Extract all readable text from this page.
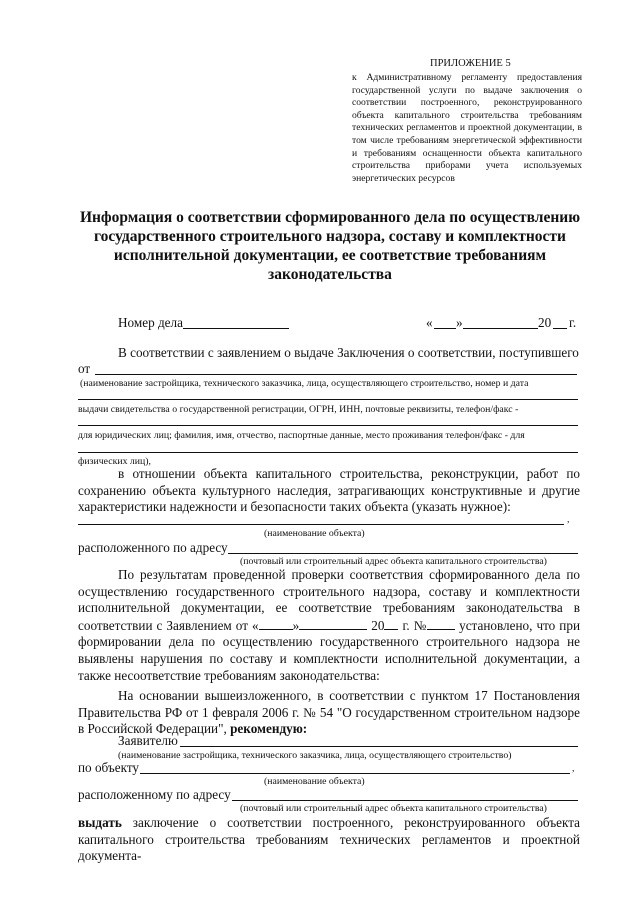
ПРИЛОЖЕНИЕ 5
к Административному регламенту предоставления государственной услуги по выдаче заключения о соответствии построенного, реконструированного объекта капитального строительства требованиям технических регламентов и проектной документации, в том числе требованиям энергетической эффективности и требованиям оснащенности объекта капитального строительства приборами учета используемых энергетических ресурсов
Информация о соответствии сформированного дела по осуществлению государственного строительного надзора, составу и комплектности исполнительной документации, ее соответствие требованиям законодательства
Номер дела	« »	20 г.
В соответствии с заявлением о выдаче Заключения о соответствии, поступившего
от
(наименование застройщика, технического заказчика, лица, осуществляющего строительство, номер и дата
выдачи свидетельства о государственной регистрации, ОГРН, ИНН, почтовые реквизиты, телефон/факс -
для юридических лиц; фамилия, имя, отчество, паспортные данные, место проживания телефон/факс - для
физических лиц),
в отношении объекта капитального строительства, реконструкции, работ по сохранению объекта культурного наследия, затрагивающих конструктивные и другие характеристики надежности и безопасности таких объекта (указать нужное):
,
(наименование объекта)
расположенного по адресу
(почтовый или строительный адрес объекта капитального строительства)
По результатам проведенной проверки соответствия сформированного дела по осуществлению государственного строительного надзора, составу и комплектности исполнительной документации, ее соответствие требованиям законодательства в соответствии с Заявлением от «	»	20 г. № установлено, что при формировании дела по осуществлению государственного строительного надзора не выявлены нарушения по составу и комплектности исполнительной документации, а также несоответствие требованиям законодательства:
На основании вышеизложенного, в соответствии с пунктом 17 Постановления Правительства РФ от 1 февраля 2006 г. № 54 "О государственном строительном надзоре в Российской Федерации", рекомендую:
Заявителю
(наименование застройщика, технического заказчика, лица, осуществляющего строительство)
по объекту	,
(наименование объекта)
расположенному по адресу
(почтовый или строительный адрес объекта капитального строительства)
выдать заключение о соответствии построенного, реконструированного объекта капитального строительства требованиям технических регламентов и проектной документа-
